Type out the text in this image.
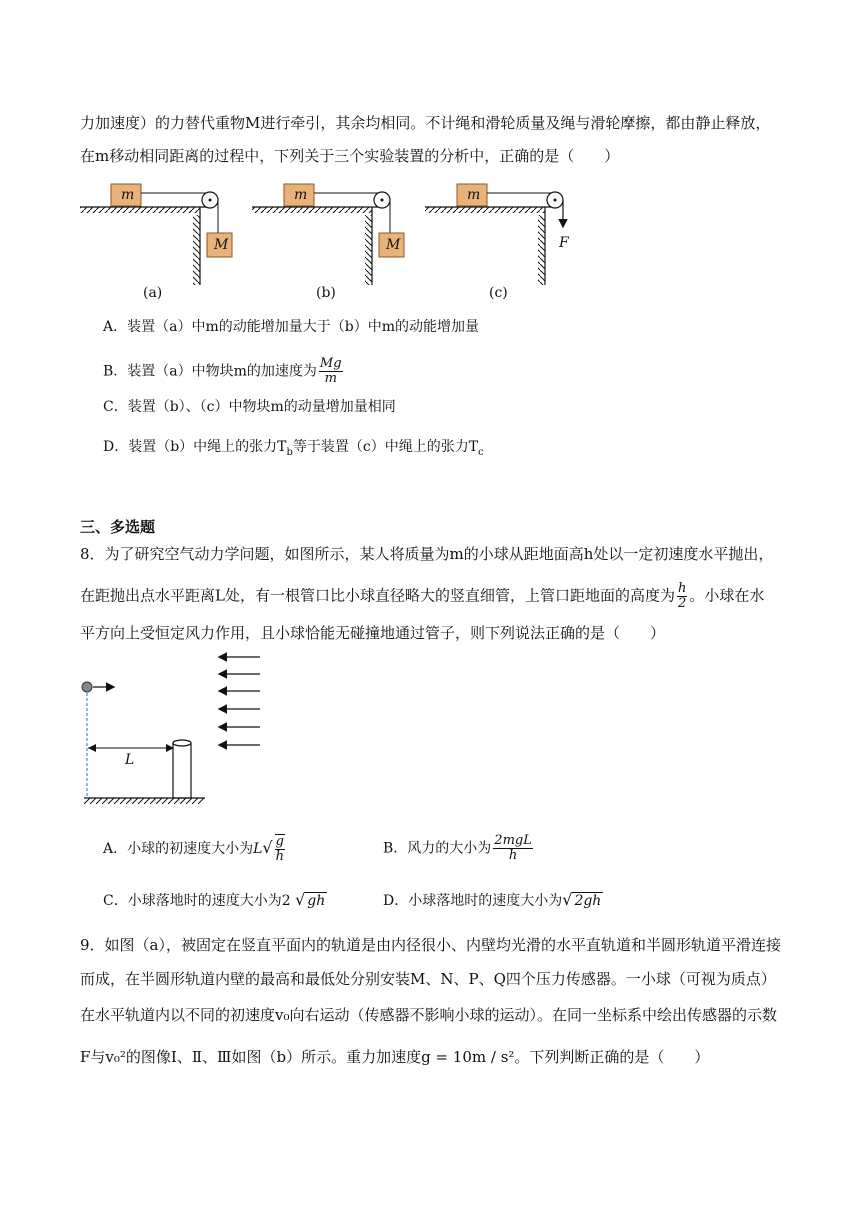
力加速度）的力替代重物M进行牵引，其余均相同。不计绳和滑轮质量及绳与滑轮摩擦，都由静止释放，
在m移动相同距离的过程中，下列关于三个实验装置的分析中，正确的是（　　）
m
M
(a)
m
M
(b)
m
F
(c)
A．装置（a）中m的动能增加量大于（b）中m的动能增加量
B．装置（a）中物块m的加速度为 $\frac{Mg}{m}$
C．装置（b）、（c）中物块m的动量增加量相同
D．装置（b）中绳上的张力$T_b$等于装置（c）中绳上的张力$T_c$
三、多选题
8．为了研究空气动力学问题，如图所示，某人将质量为m的小球从距地面高h处以一定初速度水平抛出，
在距抛出点水平距离L处，有一根管口比小球直径略大的竖直细管，上管口距地面的高度为 $\frac{h}{2}$ 。小球在水
平方向上受恒定风力作用，且小球恰能无碰撞地通过管子，则下列说法正确的是（　　）
L
A．小球的初速度大小为$L√ \frac{g}{h}$	B．风力的大小为 $\frac{\text{2mgL}}{h}$
C．小球落地时的速度大小为2 √ gh	D．小球落地时的速度大小为√ 2gh
9．如图（a），被固定在竖直平面内的轨道是由内径很小、内壁均光滑的水平直轨道和半圆形轨道平滑连接
而成，在半圆形轨道内壁的最高和最低处分别安装M、N、P、Q四个压力传感器。一小球（可视为质点）
在水平轨道内以不同的初速度v₀向右运动（传感器不影响小球的运动）。在同一坐标系中绘出传感器的示数
F与v₀²的图像Ⅰ、Ⅱ、Ⅲ如图（b）所示。重力加速度g = 10m / s²。下列判断正确的是（　　）
